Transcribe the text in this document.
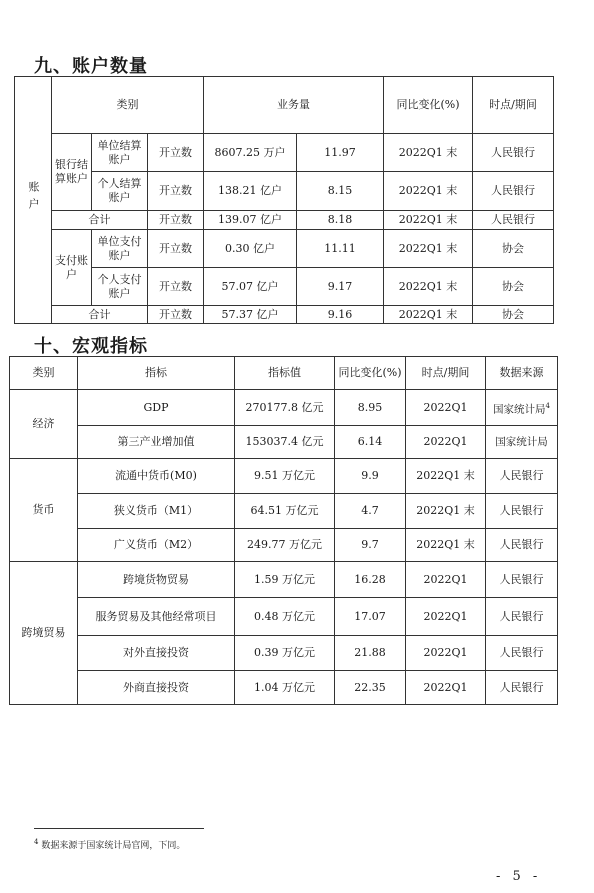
九、账户数量
账户	类别			业务量		同比变化(%)	时点/期间	
	银行结算账户	单位结算账户	开立数	8607.25 万户	11.97	2022Q1 末	人民银行	
		个人结算账户	开立数	138.21 亿户	8.15	2022Q1 末	人民银行	
	合计		开立数	139.07 亿户	8.18	2022Q1 末	人民银行	
	支付账户	单位支付账户	开立数	0.30 亿户	11.11	2022Q1 末	协会	
		个人支付账户	开立数	57.07 亿户	9.17	2022Q1 末	协会	
	合计		开立数	57.37 亿户	9.16	2022Q1 末	协会	
十、宏观指标
类别	指标	指标值	同比变化(%)	时点/期间	数据来源
经济	GDP	270177.8 亿元	8.95	2022Q1	国家统计局$^4$
	第三产业增加值	153037.4 亿元	6.14	2022Q1	国家统计局
货币	流通中货币(M0)	9.51 万亿元	9.9	2022Q1 末	人民银行
	狭义货币（M1）	64.51 万亿元	4.7	2022Q1 末	人民银行
	广义货币（M2）	249.77 万亿元	9.7	2022Q1 末	人民银行
跨境贸易	跨境货物贸易	1.59 万亿元	16.28	2022Q1	人民银行
	服务贸易及其他经常项目	0.48 万亿元	17.07	2022Q1	人民银行
	对外直接投资	0.39 万亿元	21.88	2022Q1	人民银行
	外商直接投资	1.04 万亿元	22.35	2022Q1	人民银行
$^4$ 数据来源于国家统计局官网，下同。
- 5 -
